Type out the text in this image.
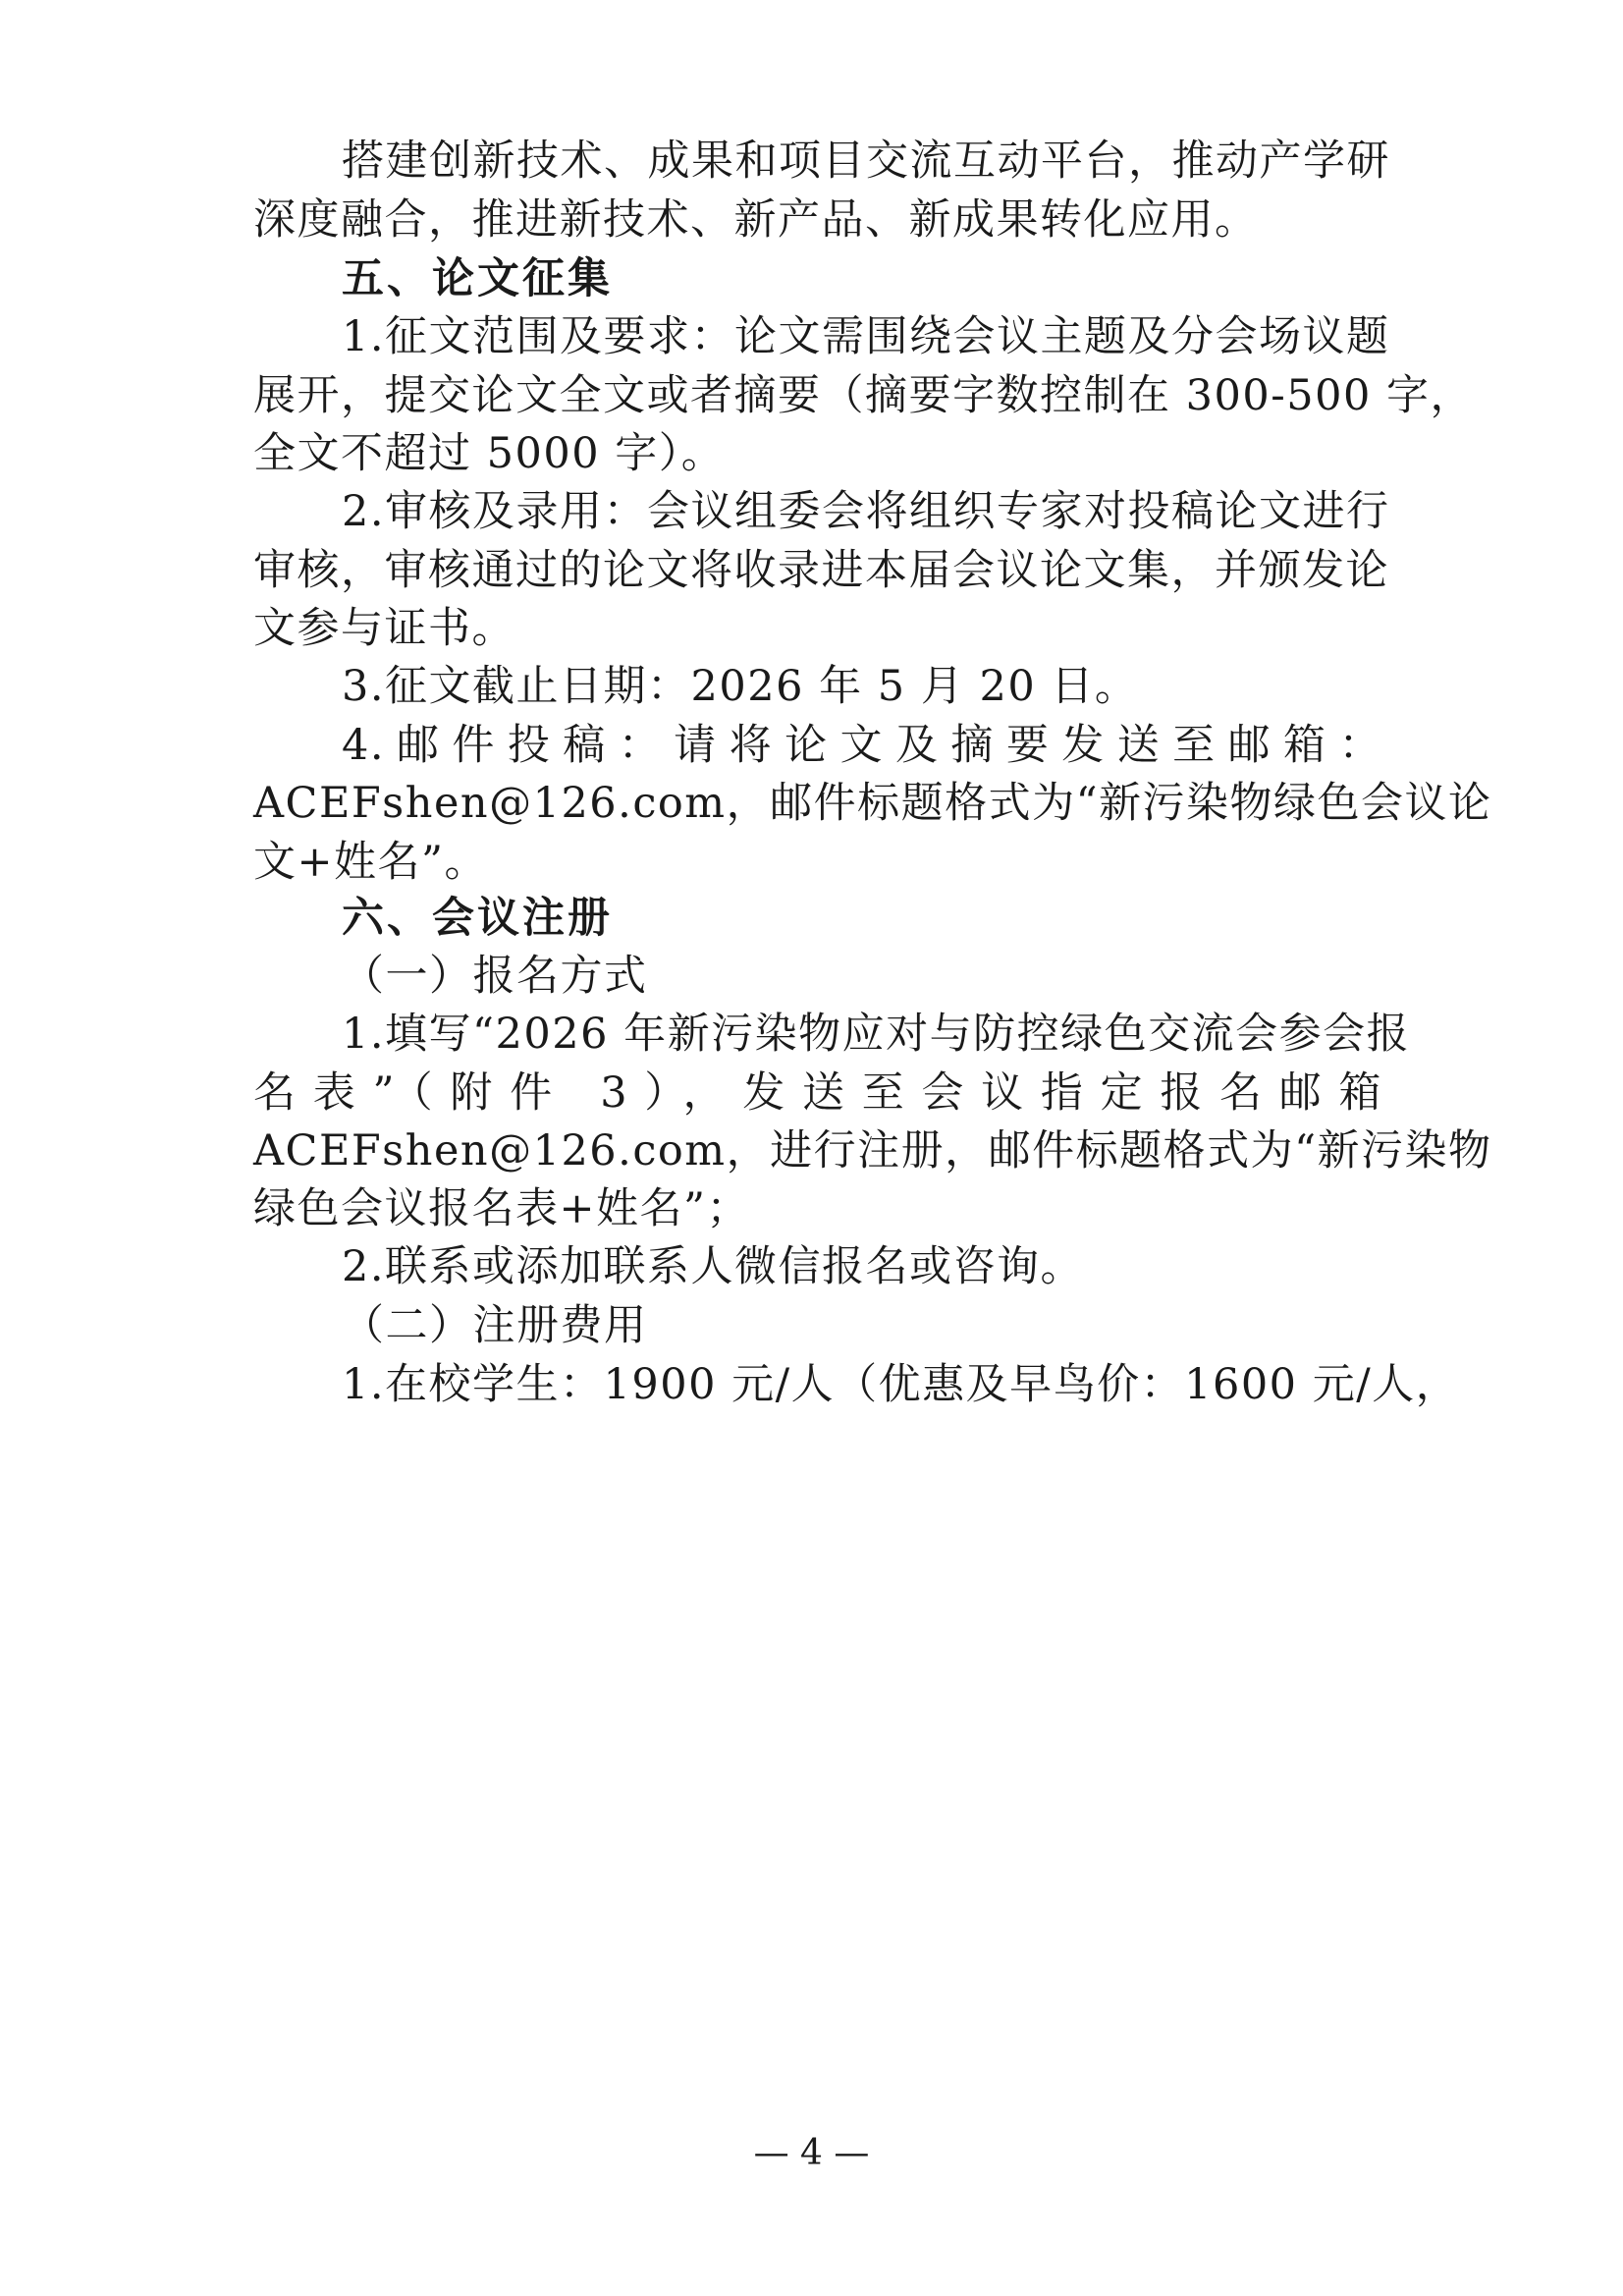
搭建创新技术、成果和项目交流互动平台，推动产学研
深度融合，推进新技术、新产品、新成果转化应用。
五、论文征集
1.征文范围及要求：论文需围绕会议主题及分会场议题
展开，提交论文全文或者摘要（摘要字数控制在 300-500 字，
全文不超过 5000 字）。
2.审核及录用：会议组委会将组织专家对投稿论文进行
审核，审核通过的论文将收录进本届会议论文集，并颁发论
文参与证书。
3.征文截止日期：2026 年 5 月 20 日。
4.邮件投稿：请将论文及摘要发送至邮箱：
ACEFshen@126.com，邮件标题格式为“新污染物绿色会议论
文+姓名”。
六、会议注册
（一）报名方式
1.填写“2026 年新污染物应对与防控绿色交流会参会报
名表”（附件 3），发送至会议指定报名邮箱
ACEFshen@126.com，进行注册，邮件标题格式为“新污染物
绿色会议报名表+姓名”；
2.联系或添加联系人微信报名或咨询。
（二）注册费用
1.在校学生：1900 元/人（优惠及早鸟价：1600 元/人，
— 4 —
